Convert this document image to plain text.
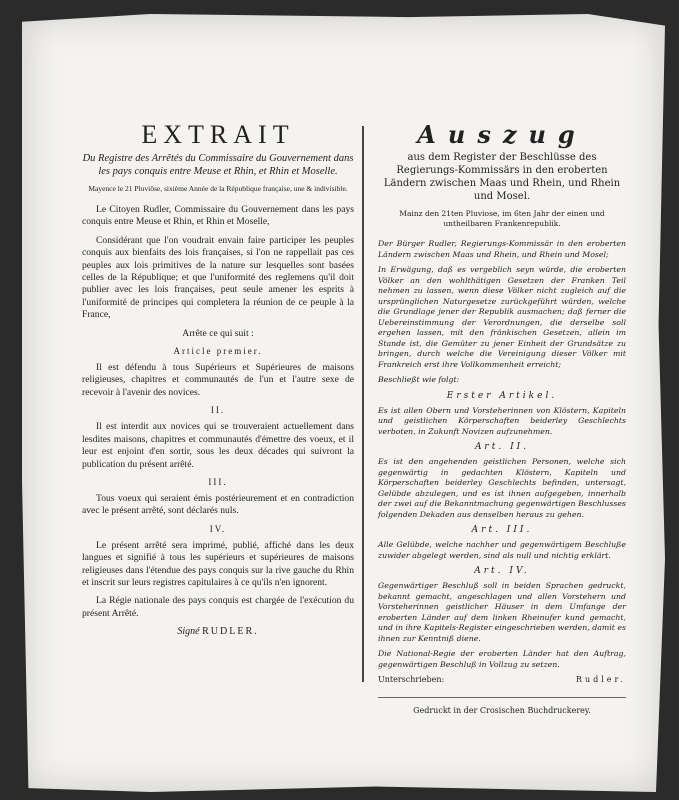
EXTRAIT

Du Registre des Arrêtés du Commissaire du Gouvernement dans les pays conquis entre Meuse et Rhin, et Rhin et Moselle.

Mayence le 21 Pluviôse, sixième Année de la République française, une & indivisible.

Le Citoyen Rudler, Commissaire du Gouvernement dans les pays conquis entre Meuse et Rhin, et Rhin et Moselle,

Considérant que l'on voudrait envain faire participer les peuples conquis aux bienfaits des lois françaises, si l'on ne rappellait pas ces peuples aux lois primitives de la nature sur lesquelles sont basées celles de la République; et que l'uniformité des reglemens qu'il doit publier avec les lois françaises, peut seule amener les esprits à l'uniformité de principes qui completera la réunion de ce peuple à la France,

Arrête ce qui suit :

Article premier.

Il est défendu à tous Supérieurs et Supérieures de maisons religieuses, chapitres et communautés de l'un et l'autre sexe de recevoir à l'avenir des novices.

II.

Il est interdit aux novices qui se trouveraient actuellement dans lesdites maisons, chapitres et communautés d'émettre des voeux, et il leur est enjoint d'en sortir, sous les deux décades qui suivront la publication du présent arrêté.

III.

Tous voeux qui seraient émis postérieurement et en contradiction avec le présent arrêté, sont déclarés nuls.

IV.

Le présent arrêté sera imprimé, publié, affiché dans les deux langues et signifié à tous les supérieurs et supérieures de maisons religieuses dans l'étendue des pays conquis sur la rive gauche du Rhin et inscrit sur leurs registres capitulaires à ce qu'ils n'en ignorent.

La Régie nationale des pays conquis est chargée de l'exécution du présent Arrêté.

Signé RUDLER.
Auszug

aus dem Register der Beschlüsse des Regierungs-Kommissärs in den eroberten Ländern zwischen Maas und Rhein, und Rhein und Mosel.

Mainz den 21ten Pluviose, im 6ten Jahr der einen und untheilbaren Frankenrepublik.

Der Bürger Rudler, Regierungs-Kommissär in den eroberten Ländern zwischen Maas und Rhein, und Rhein und Mosel;

In Erwägung, daß es vergeblich seyn würde, die eroberten Völker an den wohlthätigen Gesetzen der Franken Teil nehmen zu lassen, wenn diese Völker nicht zugleich auf die ursprünglichen Naturgesetze zurückgeführt würden, welche die Grundlage jener der Republik ausmachen; daß ferner die Uebereinstimmung der Verordnungen, die derselbe soll ergehen lassen, mit den fränkischen Gesetzen, allein im Stande ist, die Gemüter zu jener Einheit der Grundsätze zu bringen, durch welche die Vereinigung dieser Völker mit Frankreich erst ihre Vollkommenheit erreicht;

Beschließt wie folgt:

Erster Artikel.

Es ist allen Obern und Vorsteherinnen von Klöstern, Kapiteln und geistlichen Körperschaften beiderley Geschlechts verboten, in Zukunft Novizen aufzunehmen.

Art. II.

Es ist den angehenden geistlichen Personen, welche sich gegenwärtig in gedachten Klöstern, Kapiteln und Körperschaften beiderley Geschlechts befinden, untersagt, Gelübde abzulegen, und es ist ihnen aufgegeben, innerhalb der zwei auf die Bekanntmachung gegenwärtigen Beschlusses folgenden Dekaden aus denselben heraus zu gehen.

Art. III.

Alle Gelübde, welche nachher und gegenwärtigem Beschluße zuwider abgelegt werden, sind als null und nichtig erklärt.

Art. IV.

Gegenwärtiger Beschluß soll in beiden Sprachen gedruckt, bekannt gemacht, angeschlagen und allen Vorstehern und Vorsteherinnen geistlicher Häuser in dem Umfange der eroberten Länder auf dem linken Rheinufer kund gemacht, und in ihre Kapitels-Register eingeschrieben werden, damit es ihnen zur Kenntniß diene.

Die National-Regie der eroberten Länder hat den Auftrag, gegenwärtigen Beschluß in Vollzug zu setzen.

Unterschrieben:	Rudler.
Gedruckt in der Crosischen Buchdruckerey.
